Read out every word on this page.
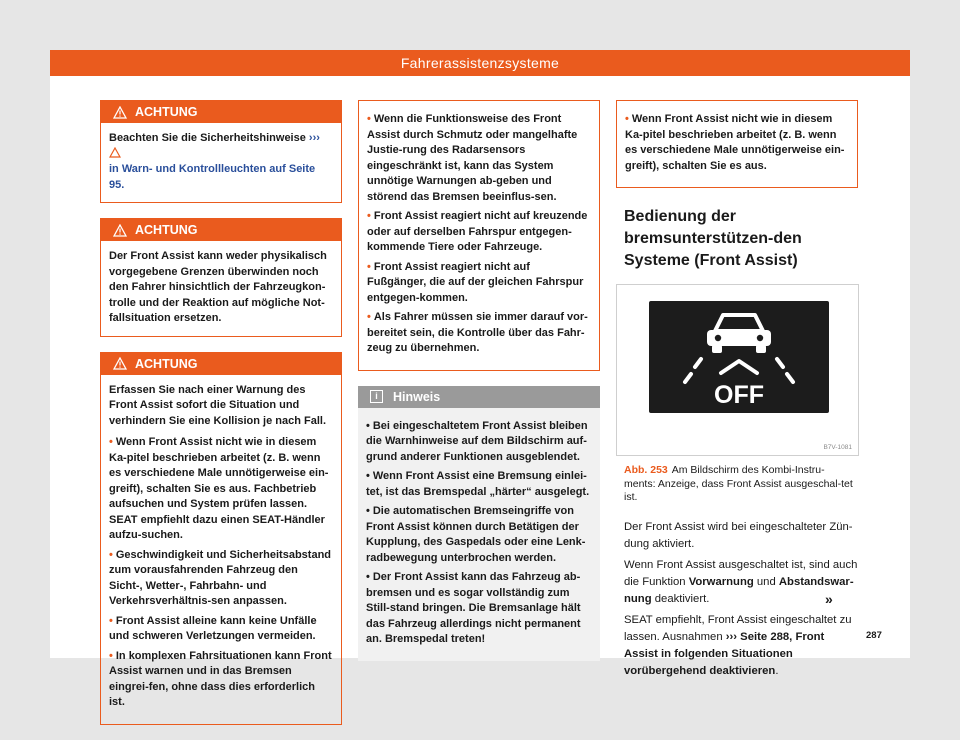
Fahrerassistenzsysteme
ACHTUNG

Beachten Sie die Sicherheitshinweise ›››
in Warn- und Kontrollleuchten auf Seite 95.

ACHTUNG

Der Front Assist kann weder physikalisch vorgegebene Grenzen überwinden noch den Fahrer hinsichtlich der Fahrzeugkon-trolle und der Reaktion auf mögliche Not-fallsituation ersetzen.

ACHTUNG

Erfassen Sie nach einer Warnung des Front Assist sofort die Situation und verhindern Sie eine Kollision je nach Fall.

• Wenn Front Assist nicht wie in diesem Ka-pitel beschrieben arbeitet (z. B. wenn es verschiedene Male unnötigerweise ein-greift), schalten Sie es aus. Fachbetrieb aufsuchen und System prüfen lassen. SEAT empfiehlt dazu einen SEAT-Händler aufzu-suchen.
• Geschwindigkeit und Sicherheitsabstand zum vorausfahrenden Fahrzeug den Sicht-, Wetter-, Fahrbahn- und Verkehrsverhältnis-sen anpassen.
• Front Assist alleine kann keine Unfälle und schweren Verletzungen vermeiden.
• In komplexen Fahrsituationen kann Front Assist warnen und in das Bremsen eingrei-fen, ohne dass dies erforderlich ist.
• Wenn die Funktionsweise des Front Assist durch Schmutz oder mangelhafte Justie-rung des Radarsensors eingeschränkt ist, kann das System unnötige Warnungen ab-geben und störend das Bremsen beeinflus-sen.
• Front Assist reagiert nicht auf kreuzende oder auf derselben Fahrspur entgegen-kommende Tiere oder Fahrzeuge.
• Front Assist reagiert nicht auf Fußgänger, die auf der gleichen Fahrspur entgegen-kommen.
• Als Fahrer müssen sie immer darauf vor-bereitet sein, die Kontrolle über das Fahr-zeug zu übernehmen.
i	Hinweis
• Bei eingeschaltetem Front Assist bleiben die Warnhinweise auf dem Bildschirm auf-grund anderer Funktionen ausgeblendet.
• Wenn Front Assist eine Bremsung einlei-tet, ist das Bremspedal „härter“ ausgelegt.
• Die automatischen Bremseingriffe von Front Assist können durch Betätigen der Kupplung, des Gaspedals oder eine Lenk-radbewegung unterbrochen werden.
• Der Front Assist kann das Fahrzeug ab-bremsen und es sogar vollständig zum Still-stand bringen. Die Bremsanlage hält das Fahrzeug allerdings nicht permanent an. Bremspedal treten!
• Wenn Front Assist nicht wie in diesem Ka-pitel beschrieben arbeitet (z. B. wenn es verschiedene Male unnötigerweise ein-greift), schalten Sie es aus.
Bedienung der bremsunterstützen-den Systeme (Front Assist)
OFF
B7V-1081
Abb. 253 Am Bildschirm des Kombi-Instru-ments: Anzeige, dass Front Assist ausgeschal-tet ist.

Der Front Assist wird bei eingeschalteter Zün-dung aktiviert.

Wenn Front Assist ausgeschaltet ist, sind auch die Funktion Vorwarnung und Abstandswar-nung deaktiviert.

SEAT empfiehlt, Front Assist eingeschaltet zu lassen. Ausnahmen ››› Seite 288, Front Assist in folgenden Situationen vorübergehend deaktivieren.

»
287
